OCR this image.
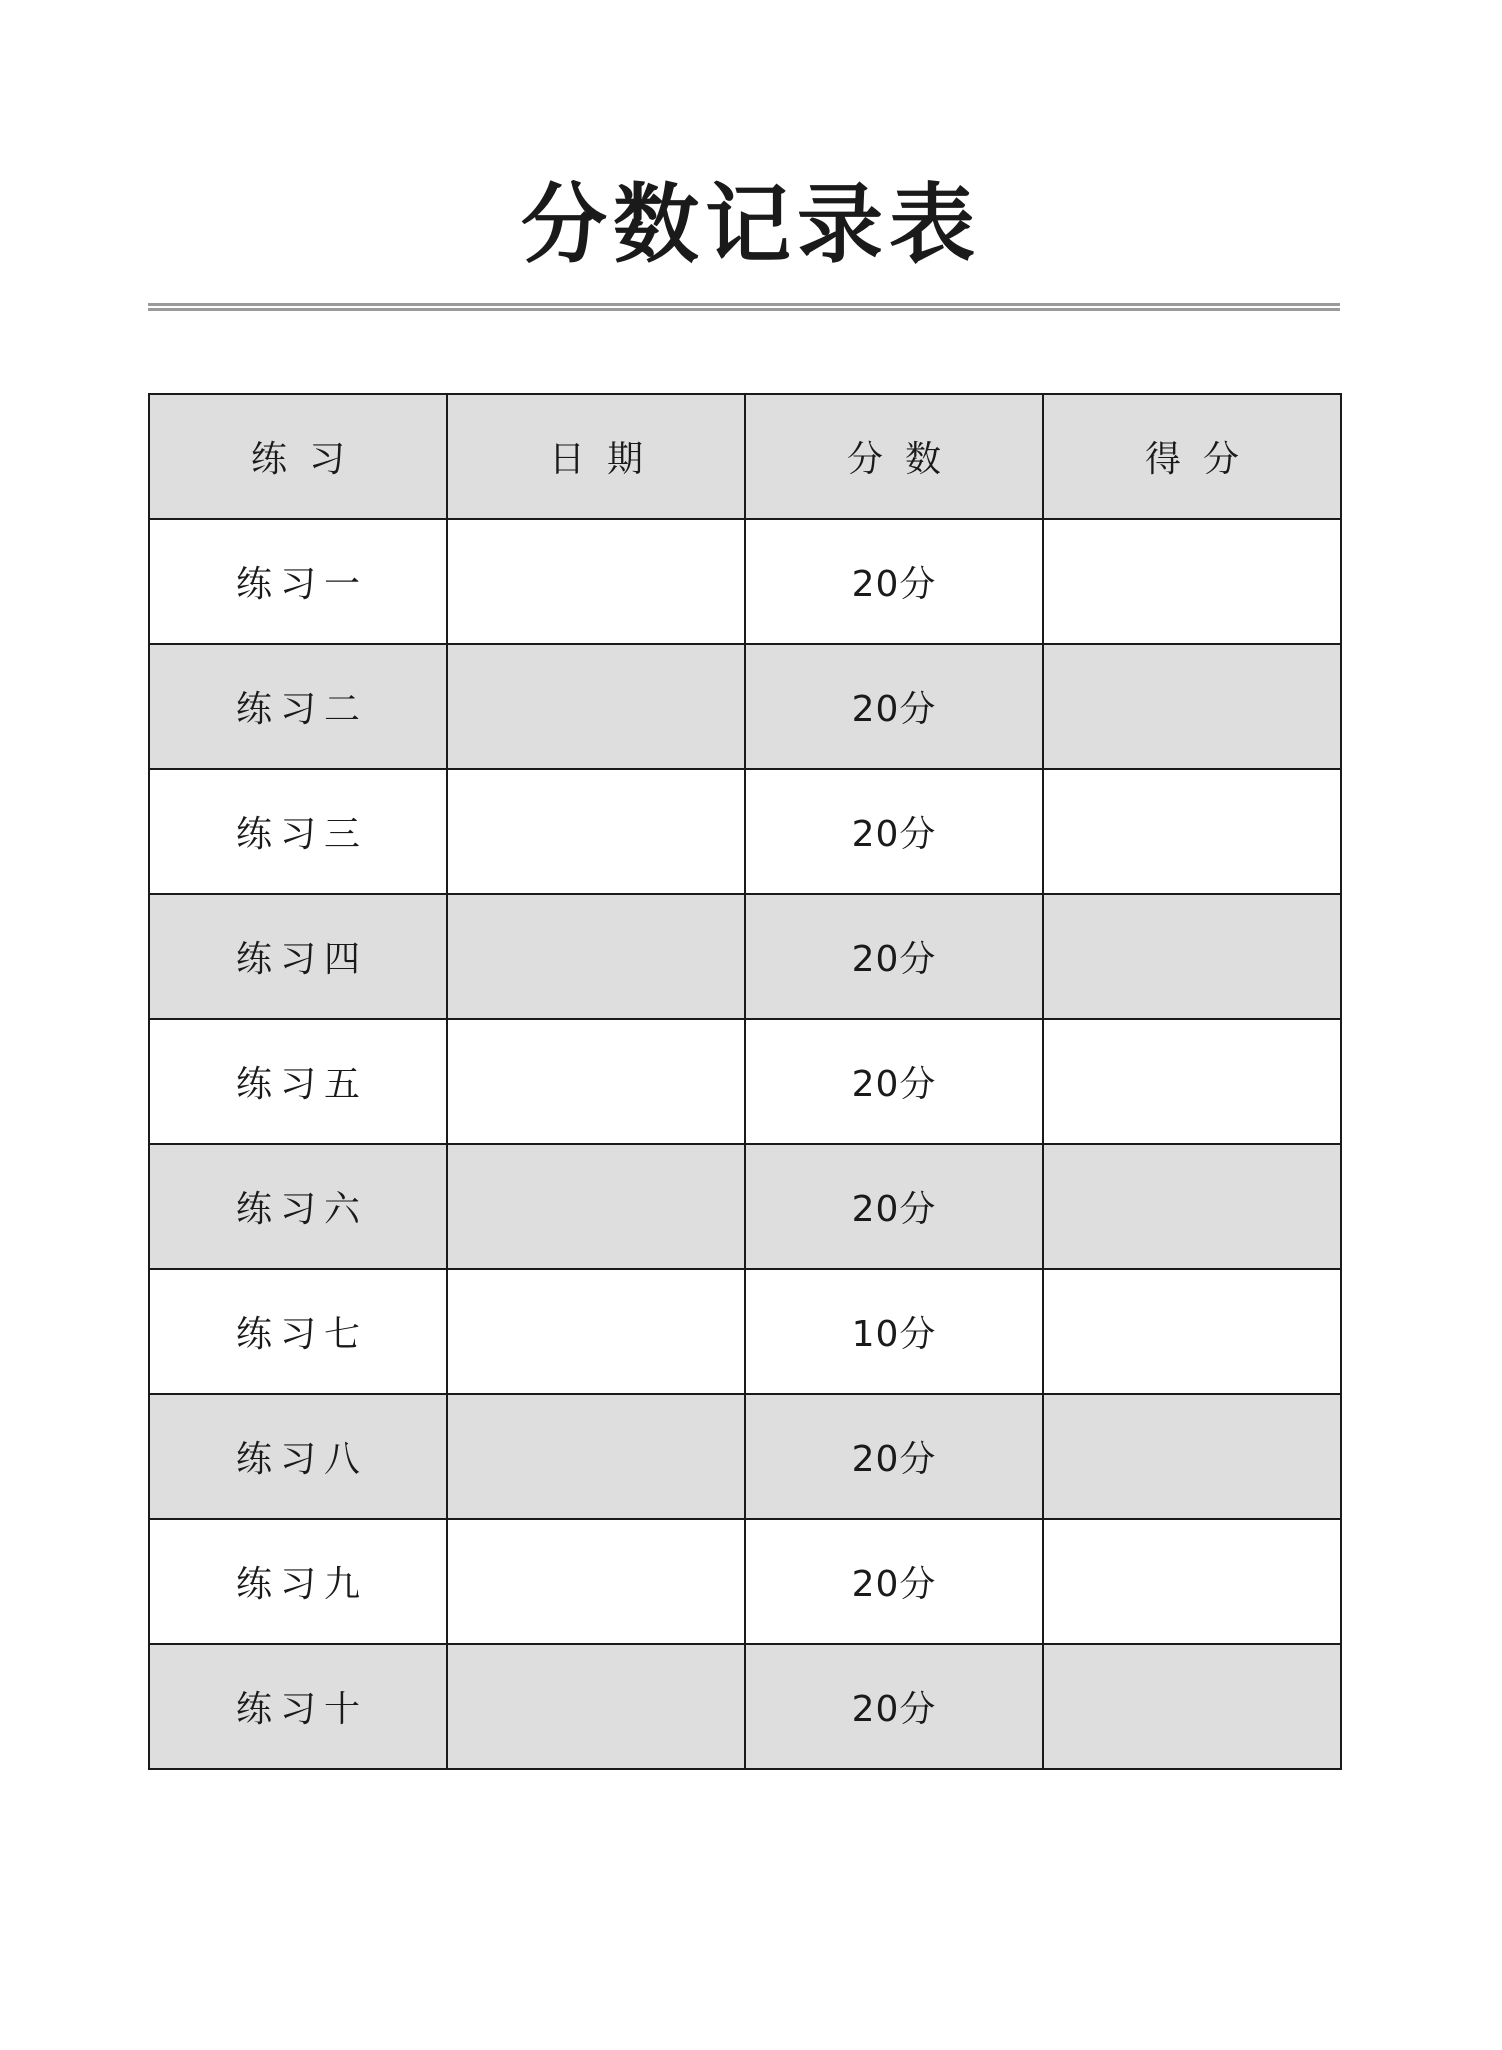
分数记录表
练习	日期	分数	得分
练习一		20分	
练习二		20分	
练习三		20分	
练习四		20分	
练习五		20分	
练习六		20分	
练习七		10分	
练习八		20分	
练习九		20分	
练习十		20分	
